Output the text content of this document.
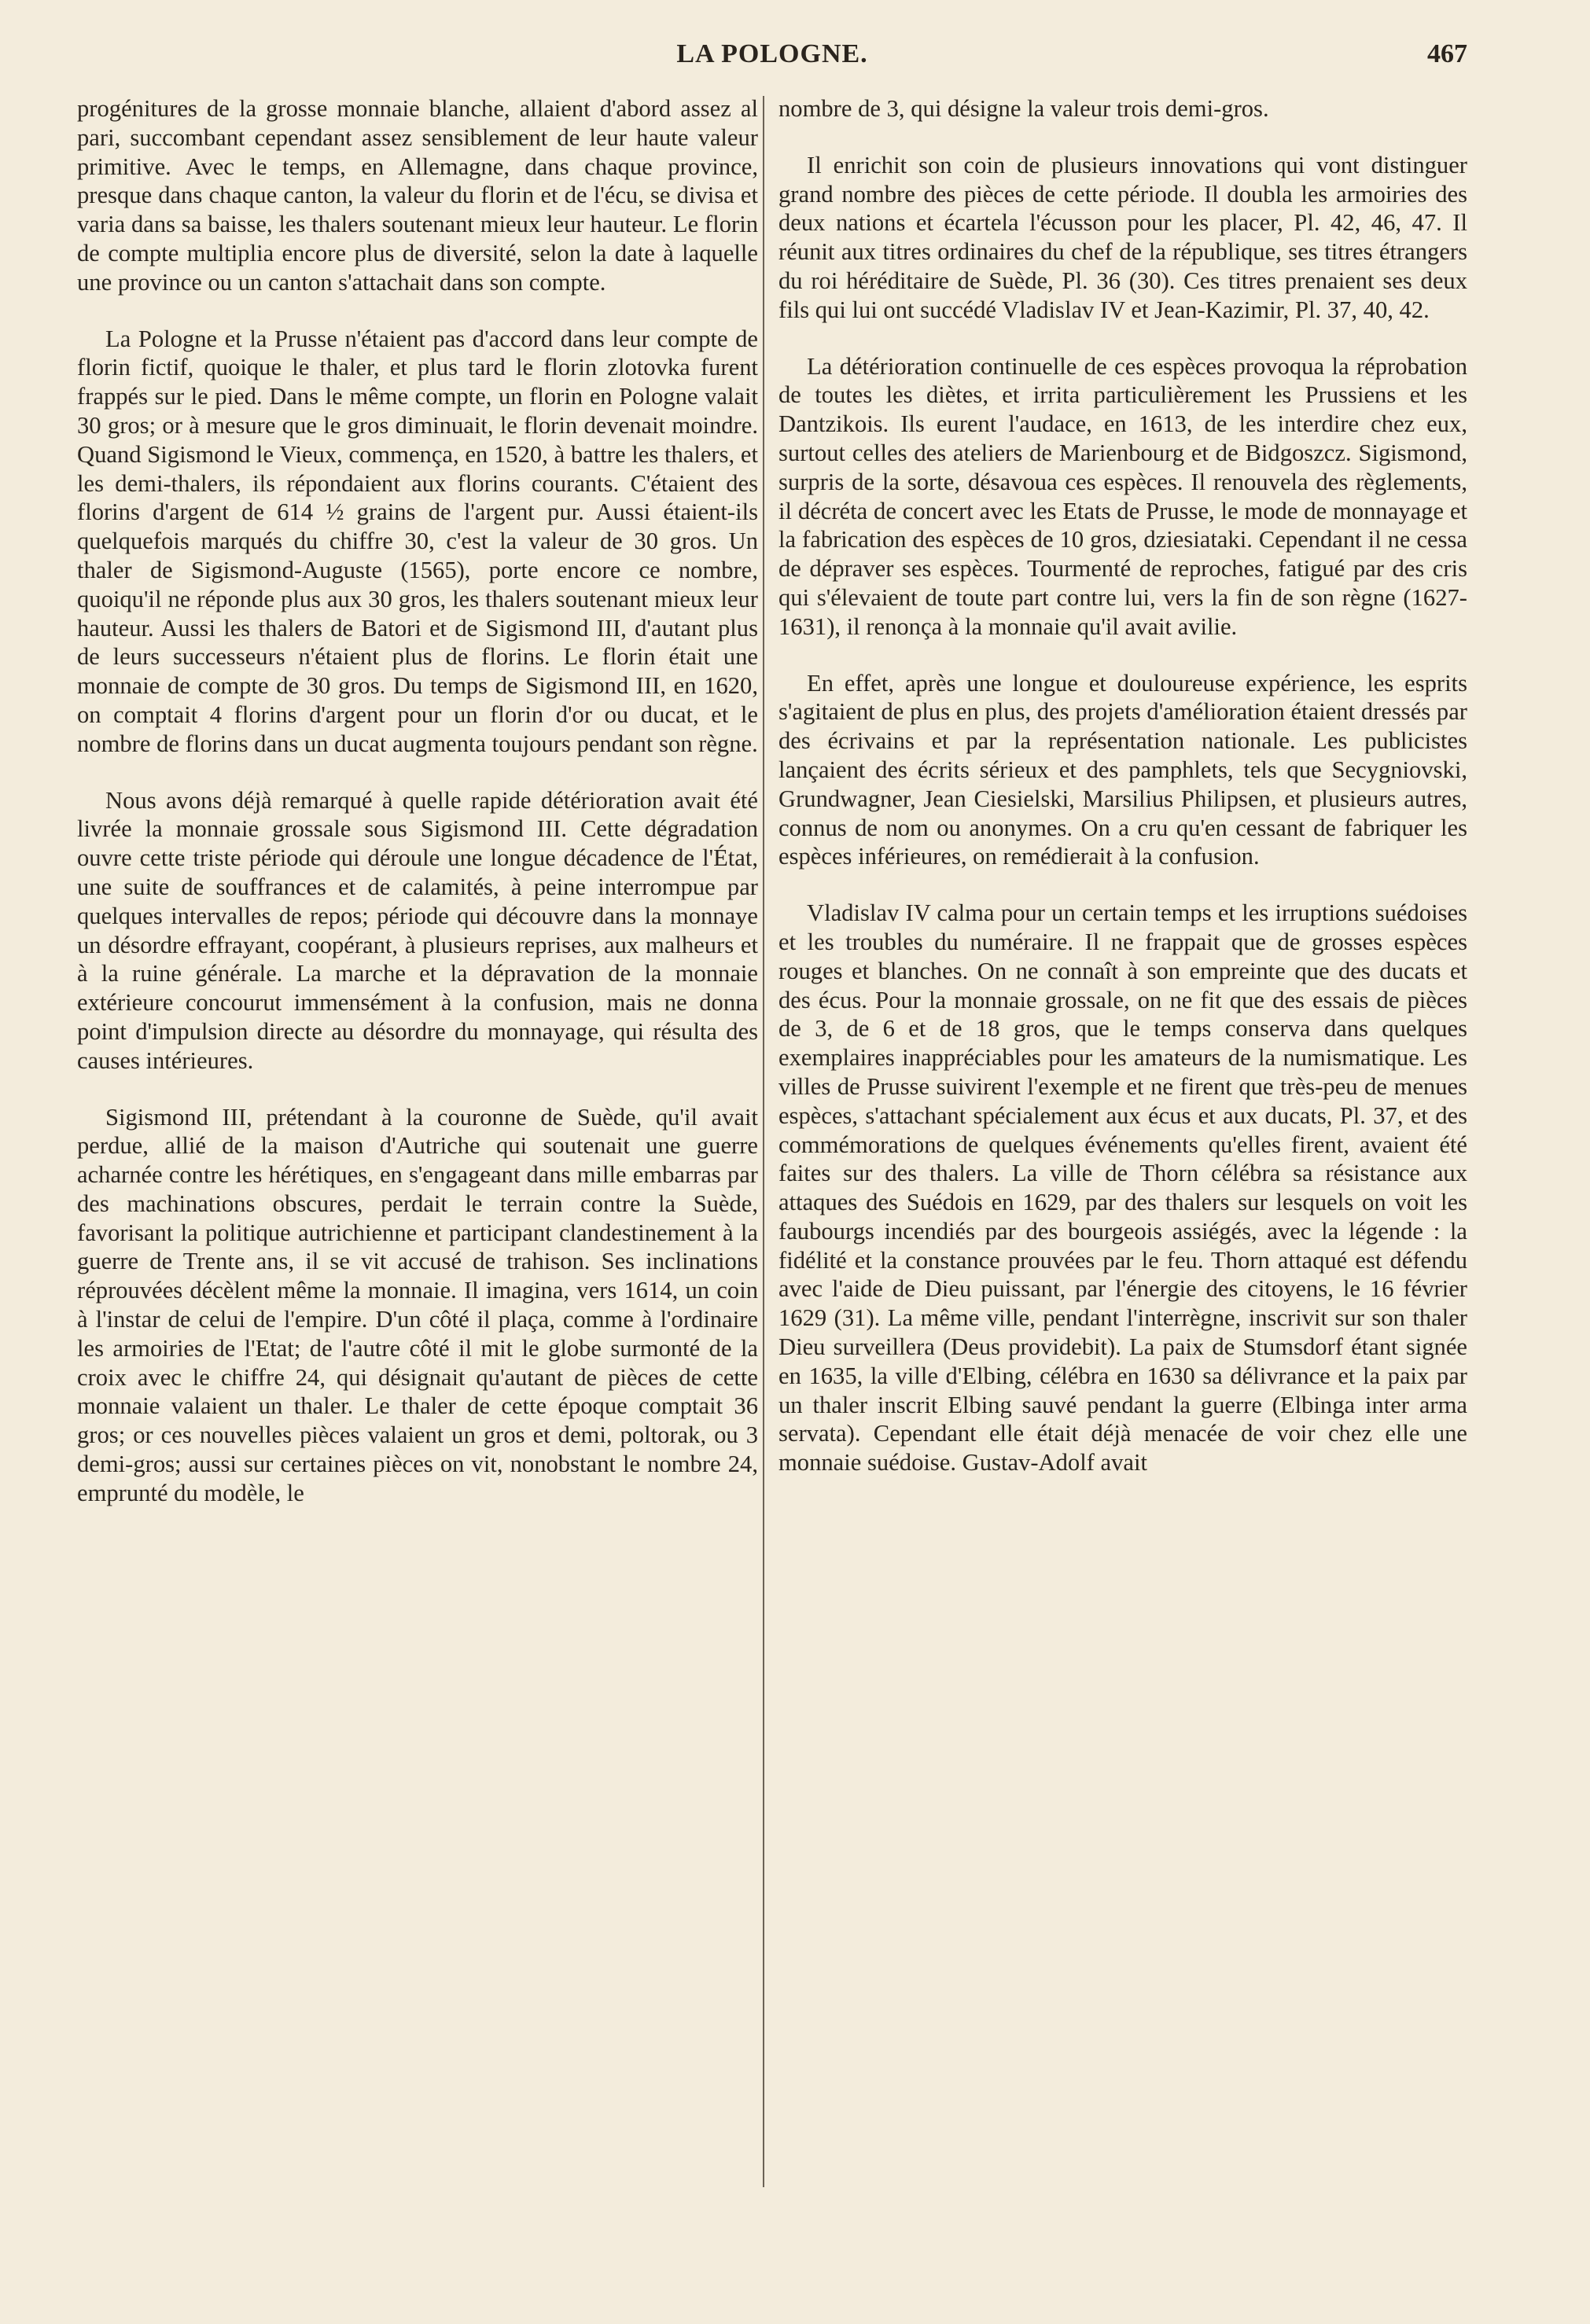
LA POLOGNE.	467

progénitures de la grosse monnaie blanche, allaient d'abord assez al pari, succombant cependant assez sensiblement de leur haute valeur primitive. Avec le temps, en Allemagne, dans chaque province, presque dans chaque canton, la valeur du florin et de l'écu, se divisa et varia dans sa baisse, les thalers soutenant mieux leur hauteur. Le florin de compte multiplia encore plus de diversité, selon la date à laquelle une province ou un canton s'attachait dans son compte.

La Pologne et la Prusse n'étaient pas d'accord dans leur compte de florin fictif, quoique le thaler, et plus tard le florin zlotovka furent frappés sur le pied. Dans le même compte, un florin en Pologne valait 30 gros; or à mesure que le gros diminuait, le florin devenait moindre. Quand Sigismond le Vieux, commença, en 1520, à battre les thalers, et les demi-thalers, ils répondaient aux florins courants. C'étaient des florins d'argent de 614 ½ grains de l'argent pur. Aussi étaient-ils quelquefois marqués du chiffre 30, c'est la valeur de 30 gros. Un thaler de Sigismond-Auguste (1565), porte encore ce nombre, quoiqu'il ne réponde plus aux 30 gros, les thalers soutenant mieux leur hauteur. Aussi les thalers de Batori et de Sigismond III, d'autant plus de leurs successeurs n'étaient plus de florins. Le florin était une monnaie de compte de 30 gros. Du temps de Sigismond III, en 1620, on comptait 4 florins d'argent pour un florin d'or ou ducat, et le nombre de florins dans un ducat augmenta toujours pendant son règne.

Nous avons déjà remarqué à quelle rapide détérioration avait été livrée la monnaie grossale sous Sigismond III. Cette dégradation ouvre cette triste période qui déroule une longue décadence de l'État, une suite de souffrances et de calamités, à peine interrompue par quelques intervalles de repos; période qui découvre dans la monnaye un désordre effrayant, coopérant, à plusieurs reprises, aux malheurs et à la ruine générale. La marche et la dépravation de la monnaie extérieure concourut immensément à la confusion, mais ne donna point d'impulsion directe au désordre du monnayage, qui résulta des causes intérieures.

Sigismond III, prétendant à la couronne de Suède, qu'il avait perdue, allié de la maison d'Autriche qui soutenait une guerre acharnée contre les hérétiques, en s'engageant dans mille embarras par des machinations obscures, perdait le terrain contre la Suède, favorisant la politique autrichienne et participant clandestinement à la guerre de Trente ans, il se vit accusé de trahison. Ses inclinations réprouvées décèlent même la monnaie. Il imagina, vers 1614, un coin à l'instar de celui de l'empire. D'un côté il plaça, comme à l'ordinaire les armoiries de l'Etat; de l'autre côté il mit le globe surmonté de la croix avec le chiffre 24, qui désignait qu'autant de pièces de cette monnaie valaient un thaler. Le thaler de cette époque comptait 36 gros; or ces nouvelles pièces valaient un gros et demi, poltorak, ou 3 demi-gros; aussi sur certaines pièces on vit, nonobstant le nombre 24, emprunté du modèle, le

nombre de 3, qui désigne la valeur trois demi-gros.

Il enrichit son coin de plusieurs innovations qui vont distinguer grand nombre des pièces de cette période. Il doubla les armoiries des deux nations et écartela l'écusson pour les placer, Pl. 42, 46, 47. Il réunit aux titres ordinaires du chef de la république, ses titres étrangers du roi héréditaire de Suède, Pl. 36 (30). Ces titres prenaient ses deux fils qui lui ont succédé Vladislav IV et Jean-Kazimir, Pl. 37, 40, 42.

La détérioration continuelle de ces espèces provoqua la réprobation de toutes les diètes, et irrita particulièrement les Prussiens et les Dantzikois. Ils eurent l'audace, en 1613, de les interdire chez eux, surtout celles des ateliers de Marienbourg et de Bidgoszcz. Sigismond, surpris de la sorte, désavoua ces espèces. Il renouvela des règlements, il décréta de concert avec les Etats de Prusse, le mode de monnayage et la fabrication des espèces de 10 gros, dziesiataki. Cependant il ne cessa de dépraver ses espèces. Tourmenté de reproches, fatigué par des cris qui s'élevaient de toute part contre lui, vers la fin de son règne (1627-1631), il renonça à la monnaie qu'il avait avilie.

En effet, après une longue et douloureuse expérience, les esprits s'agitaient de plus en plus, des projets d'amélioration étaient dressés par des écrivains et par la représentation nationale. Les publicistes lançaient des écrits sérieux et des pamphlets, tels que Secygniovski, Grundwagner, Jean Ciesielski, Marsilius Philipsen, et plusieurs autres, connus de nom ou anonymes. On a cru qu'en cessant de fabriquer les espèces inférieures, on remédierait à la confusion.

Vladislav IV calma pour un certain temps et les irruptions suédoises et les troubles du numéraire. Il ne frappait que de grosses espèces rouges et blanches. On ne connaît à son empreinte que des ducats et des écus. Pour la monnaie grossale, on ne fit que des essais de pièces de 3, de 6 et de 18 gros, que le temps conserva dans quelques exemplaires inappréciables pour les amateurs de la numismatique. Les villes de Prusse suivirent l'exemple et ne firent que très-peu de menues espèces, s'attachant spécialement aux écus et aux ducats, Pl. 37, et des commémorations de quelques événements qu'elles firent, avaient été faites sur des thalers. La ville de Thorn célébra sa résistance aux attaques des Suédois en 1629, par des thalers sur lesquels on voit les faubourgs incendiés par des bourgeois assiégés, avec la légende : la fidélité et la constance prouvées par le feu. Thorn attaqué est défendu avec l'aide de Dieu puissant, par l'énergie des citoyens, le 16 février 1629 (31). La même ville, pendant l'interrègne, inscrivit sur son thaler Dieu surveillera (Deus providebit). La paix de Stumsdorf étant signée en 1635, la ville d'Elbing, célébra en 1630 sa délivrance et la paix par un thaler inscrit Elbing sauvé pendant la guerre (Elbinga inter arma servata). Cependant elle était déjà menacée de voir chez elle une monnaie suédoise. Gustav-Adolf avait
